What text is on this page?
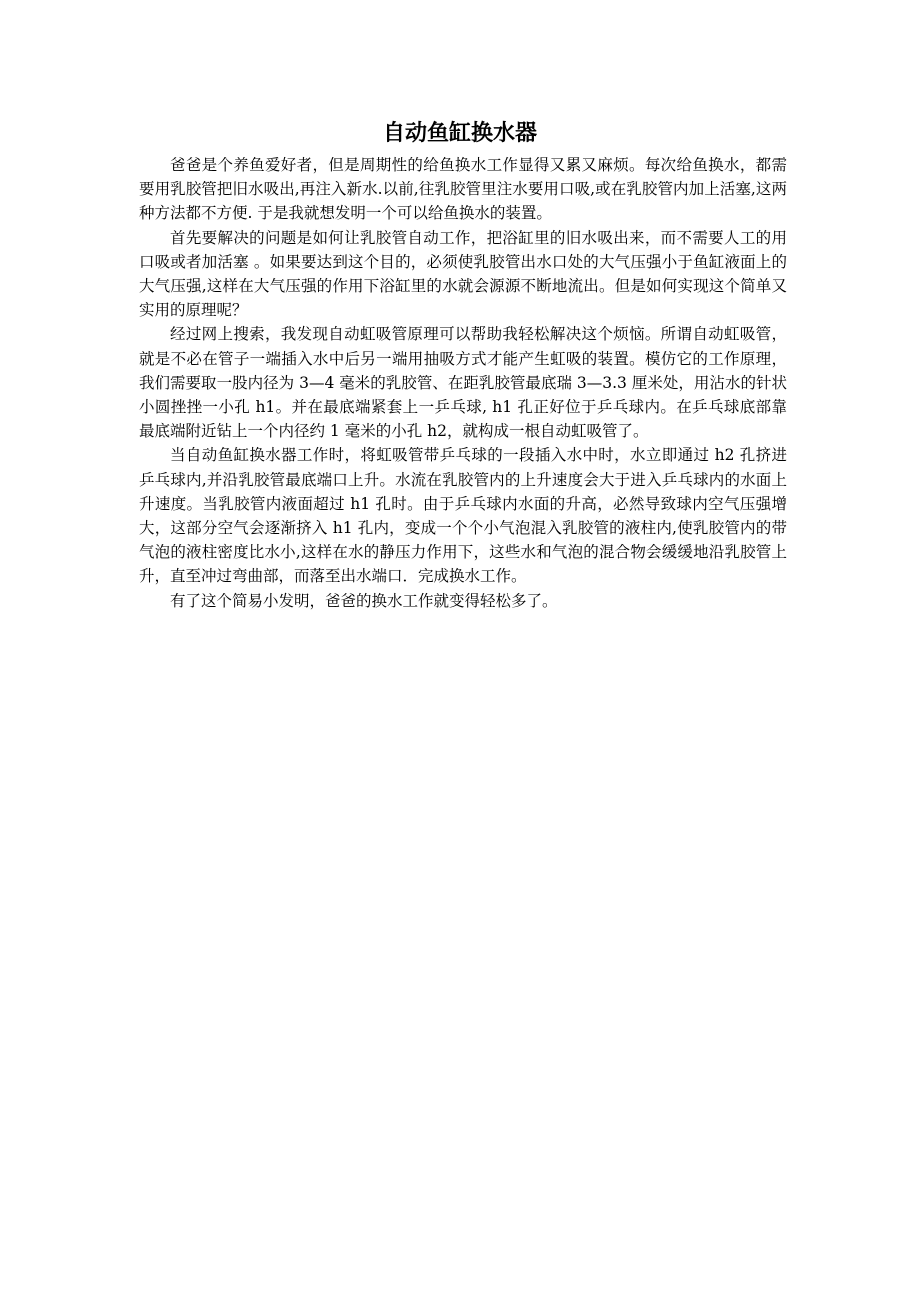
自动鱼缸换水器

爸爸是个养鱼爱好者，但是周期性的给鱼换水工作显得又累又麻烦。每次给鱼换水，都需要用乳胶管把旧水吸出,再注入新水.以前,往乳胶管里注水要用口吸,或在乳胶管内加上活塞,这两种方法都不方便. 于是我就想发明一个可以给鱼换水的装置。

首先要解决的问题是如何让乳胶管自动工作，把浴缸里的旧水吸出来，而不需要人工的用口吸或者加活塞 。如果要达到这个目的，必须使乳胶管出水口处的大气压强小于鱼缸液面上的大气压强,这样在大气压强的作用下浴缸里的水就会源源不断地流出。但是如何实现这个简单又实用的原理呢？

经过网上搜索，我发现自动虹吸管原理可以帮助我轻松解决这个烦恼。所谓自动虹吸管，就是不必在管子一端插入水中后另一端用抽吸方式才能产生虹吸的装置。模仿它的工作原理，我们需要取一股内径为 3—4 毫米的乳胶管、在距乳胶管最底瑞 3—3.3 厘米处，用沾水的针状小圆挫挫一小孔 h1。并在最底端紧套上一乒乓球, h1 孔正好位于乒乓球内。在乒乓球底部靠最底端附近钻上一个内径约 1 毫米的小孔 h2，就构成一根自动虹吸管了。

当自动鱼缸换水器工作时，将虹吸管带乒乓球的一段插入水中时，水立即通过 h2 孔挤进乒乓球内,并沿乳胶管最底端口上升。水流在乳胶管内的上升速度会大于进入乒乓球内的水面上升速度。当乳胶管内液面超过 h1 孔时。由于乒乓球内水面的升高，必然导致球内空气压强增大，这部分空气会逐渐挤入 h1 孔内，变成一个个小气泡混入乳胶管的液柱内,使乳胶管内的带气泡的液柱密度比水小,这样在水的静压力作用下，这些水和气泡的混合物会缓缓地沿乳胶管上升，直至冲过弯曲部，而落至出水端口．完成换水工作。

有了这个简易小发明，爸爸的换水工作就变得轻松多了。
